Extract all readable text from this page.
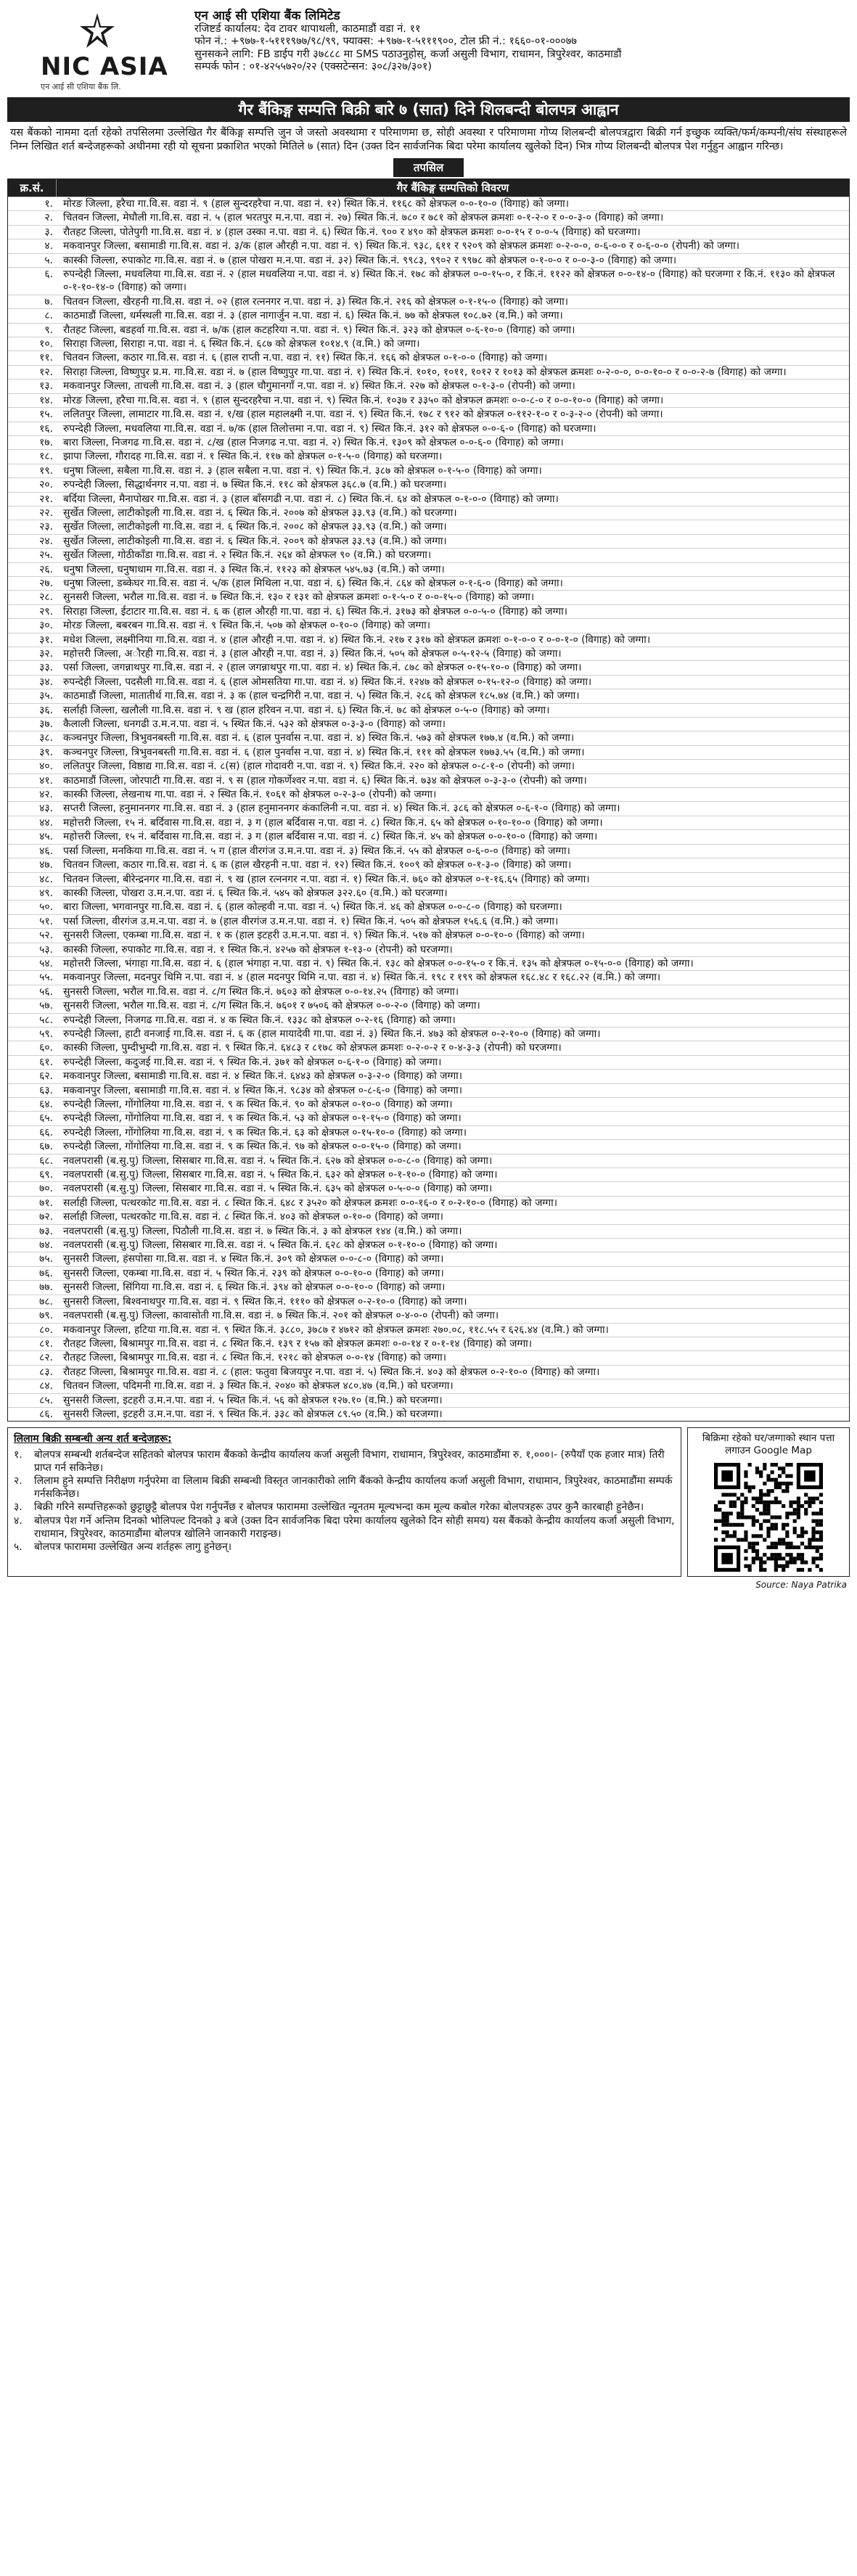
NIC ASIA
एन आई सी एशिया बैंक लि.
एन आई सी एशिया बैंक लिमिटेड
रजिष्टर्ड कार्यालय: देव टावर थापाथली, काठमाडौं वडा नं. ११
फोन नं.: +९७७-१-५१११९७७/९८/९९, फ्याक्स: +९७७-१-५१११९००, टोल फ्री नं.: १६६०-०१-०००७७
सुनसकने लागि: FB डाईप गरी ३७८८८ मा SMS पठाउनुहोस्, कर्जा असुली विभाग, राधामन, त्रिपुरेश्वर, काठमाडौं
सम्पर्क फोन : ०१-४२५५७२०/२२ (एक्सटेन्सन: ३०८/३२७/३०१)
गैर बैंकिङ्ग सम्पत्ति बिक्री बारे ७ (सात) दिने शिलबन्दी बोलपत्र आह्वान
यस बैंकको नाममा दर्ता रहेको तपसिलमा उल्लेखित गैर बैंकिङ्ग सम्पत्ति जुन जे जस्तो अवस्थामा र परिमाणमा छ, सोही अवस्था र परिमाणमा गोप्य शिलबन्दी बोलपत्रद्वारा बिक्री गर्न इच्छुक व्यक्ति/फर्म/कम्पनी/संघ संस्थाहरूले निम्न लिखित शर्त बन्देजहरूको अधीनमा रही यो सूचना प्रकाशित भएको मितिले ७ (सात) दिन (उक्त दिन सार्वजनिक बिदा परेमा कार्यालय खुलेको दिन) भित्र गोप्य शिलबन्दी बोलपत्र पेश गर्नुहुन आह्वान गरिन्छ।
तपसिल
क्र.सं.	गैर बैंकिङ्ग सम्पत्तिको विवरण
१.	मोरङ जिल्ला, हरैचा गा.वि.स. वडा नं. ९ (हाल सुन्दरहरैचा न.पा. वडा नं. १२) स्थित कि.नं. ११६८ को क्षेत्रफल ०-०-१०-० (विगाह) को जग्गा।
२.	चितवन जिल्ला, मेघौली गा.वि.स. वडा नं. ५ (हाल भरतपुर म.न.पा. वडा नं. २७) स्थित कि.नं. ७८० र ७८१ को क्षेत्रफल क्रमशः ०-१-२-० र ०-०-३-० (विगाह) को जग्गा।
३.	रौतहट जिल्ला, पोतेपुगी गा.वि.स. वडा नं. ४ (हाल उस्का न.पा. वडा नं. ६) स्थित कि.नं. ९०० र ४९० को क्षेत्रफल क्रमशः ०-०-१५ र ०-०-५ (विगाह) को घरजग्गा।
४.	मकवानपुर जिल्ला, बसामाडी गा.वि.स. वडा नं. ३/क (हाल औरही न.पा. वडा नं. ९) स्थित कि.नं. ९३८, ६११ र ९२०९ को क्षेत्रफल क्रमशः ०-२-०-०, ०-६-०-० र ०-६-०-० (रोपनी) को जग्गा।
५.	कास्की जिल्ला, रुपाकोट गा.वि.स. वडा नं. ७ (हाल पोखरा म.न.पा. वडा नं. ३२) स्थित कि.नं. ९९८३, ९९०२ र ९९७८ को क्षेत्रफल ०-१-०-० र ०-०-३-० (विगाह) को जग्गा।
६.	रुपन्देही जिल्ला, मधवलिया गा.वि.स. वडा नं. २ (हाल मधवलिया न.पा. वडा नं. ४) स्थित कि.नं. १७८ को क्षेत्रफल ०-०-१५-०, र कि.नं. ११२२ को क्षेत्रफल ०-०-१४-० (विगाह) को घरजग्गा र कि.नं. ११३० को क्षेत्रफल ०-१-१०-१४-० (विगाह) को जग्गा।
७.	चितवन जिल्ला, खैरहनी गा.वि.स. वडा नं. ०२ (हाल रत्ननगर न.पा. वडा नं. ३) स्थित कि.नं. २१६ को क्षेत्रफल ०-१-१५-० (विगाह) को जग्गा।
८.	काठमाडौं जिल्ला, धर्मस्थली गा.वि.स. वडा नं. ३ (हाल नागार्जुन न.पा. वडा नं. ६) स्थित कि.नं. ७७ को क्षेत्रफल १०८.७२ (व.मि.) को जग्गा।
९.	रौतहट जिल्ला, बडहर्वा गा.वि.स. वडा नं. ७/क (हाल कटहरिया न.पा. वडा नं. ९) स्थित कि.नं. ३२३ को क्षेत्रफल ०-६-१०-० (विगाह) को जग्गा।
१०.	सिराहा जिल्ला, सिराहा न.पा. वडा नं. ६ स्थित कि.नं. ६८७ को क्षेत्रफल १०१४.९ (व.मि.) को जग्गा।
११.	चितवन जिल्ला, कठार गा.वि.स. वडा नं. ६ (हाल राप्ती न.पा. वडा नं. ११) स्थित कि.नं. १६६ को क्षेत्रफल ०-१-०-० (विगाह) को जग्गा।
१२.	सिराहा जिल्ला, विष्णुपुर प्र.म. गा.वि.स. वडा नं. ७ (हाल विष्णुपुर गा.पा. वडा नं. १) स्थित कि.नं. १०१०, १०११, १०१२ र १०१३ को क्षेत्रफल क्रमशः ०-२-०-०, ०-०-१०-० र ०-०-२-७ (विगाह) को जग्गा।
१३.	मकवानपुर जिल्ला, ताचली गा.वि.स. वडा नं. ३ (हाल चौगुमानगाँ न.पा. वडा नं. ४) स्थित कि.नं. २२७ को क्षेत्रफल ०-१-३-० (रोपनी) को जग्गा।
१४.	मोरङ जिल्ला, हरैचा गा.वि.स. वडा नं. ९ (हाल सुन्दरहरैचा न.पा. वडा नं. ९) स्थित कि.नं. १०३७ र ३३५० को क्षेत्रफल क्रमशः ०-०-८-० र ०-०-१०-० (विगाह) को जग्गा।
१५.	ललितपुर जिल्ला, लामाटार गा.वि.स. वडा नं. १/ख (हाल महालक्ष्मी न.पा. वडा नं. ९) स्थित कि.नं. १७८ र ९१२ को क्षेत्रफल ०-११२-१-० र ०-३-२-० (रोपनी) को जग्गा।
१६.	रुपन्देही जिल्ला, मधवलिया गा.वि.स. वडा नं. ७/क (हाल तिलोत्तमा न.पा. वडा नं. ९) स्थित कि.नं. ३१२ को क्षेत्रफल ०-०-६-० (विगाह) को घरजग्गा।
१७.	बारा जिल्ला, निजगढ गा.वि.स. वडा नं. ८/ख (हाल निजगढ न.पा. वडा नं. २) स्थित कि.नं. १३०९ को क्षेत्रफल ०-०-६-० (विगाह) को जग्गा।
१८.	झापा जिल्ला, गौरादह गा.वि.स. वडा नं. १ स्थित कि.नं. ११७ को क्षेत्रफल ०-१-५-० (विगाह) को घरजग्गा।
१९.	धनुषा जिल्ला, सबैला गा.वि.स. वडा नं. ३ (हाल सबैला न.पा. वडा नं. ९) स्थित कि.नं. ३८७ को क्षेत्रफल ०-१-५-० (विगाह) को जग्गा।
२०.	रुपन्देही जिल्ला, सिद्धार्थनगर न.पा. वडा नं. ७ स्थित कि.नं. ११८ को क्षेत्रफल ३६८.७ (व.मि.) को घरजग्गा।
२१.	बर्दिया जिल्ला, मैनापोखर गा.वि.स. वडा नं. ३ (हाल बाँसगढी न.पा. वडा नं. ८) स्थित कि.नं. ६४ को क्षेत्रफल ०-१-०-० (विगाह) को जग्गा।
२२.	सुर्खेत जिल्ला, लाटीकोइली गा.वि.स. वडा नं. ६ स्थित कि.नं. २००७ को क्षेत्रफल ३३.९३ (व.मि.) को घरजग्गा।
२३.	सुर्खेत जिल्ला, लाटीकोइली गा.वि.स. वडा नं. ६ स्थित कि.नं. २००८ को क्षेत्रफल ३३.९३ (व.मि.) को जग्गा।
२४.	सुर्खेत जिल्ला, लाटीकोइली गा.वि.स. वडा नं. ६ स्थित कि.नं. २००९ को क्षेत्रफल ३३.९३ (व.मि.) को जग्गा।
२५.	सुर्खेत जिल्ला, गोठीकाँडा गा.वि.स. वडा नं. २ स्थित कि.नं. २६४ को क्षेत्रफल ९० (व.मि.) को घरजग्गा।
२६.	धनुषा जिल्ला, धनुषाधाम गा.वि.स. वडा नं. ३ स्थित कि.नं. ११२३ को क्षेत्रफल ५४५.७३ (व.मि.) को जग्गा।
२७.	धनुषा जिल्ला, डब्केघर गा.वि.स. वडा नं. ५/क (हाल मिथिला न.पा. वडा नं. ६) स्थित कि.नं. ८६४ को क्षेत्रफल ०-१-६-० (विगाह) को जग्गा।
२८.	सुनसरी जिल्ला, भरौल गा.वि.स. वडा नं. ७ स्थित कि.नं. १३० र १३१ को क्षेत्रफल क्रमशः ०-१-५-० र ०-०-१५-० (विगाह) को जग्गा।
२९.	सिराहा जिल्ला, ईटाटार गा.वि.स. वडा नं. ६ क (हाल औरही गा.पा. वडा नं. ६) स्थित कि.नं. ३१७३ को क्षेत्रफल ०-०-५-० (विगाह) को जग्गा।
३०.	मोरङ जिल्ला, बबरबन गा.वि.स. वडा नं. ९ स्थित कि.नं. ५०७ को क्षेत्रफल ०-१०-० (विगाह) को जग्गा।
३१.	मधेश जिल्ला, लक्ष्मीनिया गा.वि.स. वडा नं. ४ (हाल औरही न.पा. वडा नं. ४) स्थित कि.नं. २१७ र ३१७ को क्षेत्रफल क्रमशः ०-१-०-० र ०-०-१-० (विगाह) को जग्गा।
३२.	महोत्तरी जिल्ला, अाैरही गा.वि.स. वडा नं. ३ (हाल औरही न.पा. वडा नं. ३) स्थित कि.नं. ५०५ को क्षेत्रफल ०-५-१२-५ (विगाह) को जग्गा।
३३.	पर्सा जिल्ला, जगन्नाथपुर गा.वि.स. वडा नं. २ (हाल जगन्नाथपुर गा.पा. वडा नं. ४) स्थित कि.नं. ८७८ को क्षेत्रफल ०-१५-१०-० (विगाह) को जग्गा।
३४.	रुपन्देही जिल्ला, पदसैली गा.वि.स. वडा नं. ६ (हाल ओमसतिया गा.पा. वडा नं. ४) स्थित कि.नं. १२४७ को क्षेत्रफल ०-१५-१२-० (विगाह) को जग्गा।
३५.	काठमाडौं जिल्ला, मातातीर्थ गा.वि.स. वडा नं. ३ क (हाल चन्द्रगिरी न.पा. वडा नं. ५) स्थित कि.नं. २८६ को क्षेत्रफल १८५.७४ (व.मि.) को जग्गा।
३६.	सर्लाही जिल्ला, खलौली गा.वि.स. वडा नं. ९ ख (हाल हरिवन न.पा. वडा नं. ६) स्थित कि.नं. ७८ को क्षेत्रफल ०-५-० (विगाह) को जग्गा।
३७.	कैलाली जिल्ला, धनगढी उ.म.न.पा. वडा नं. ५ स्थित कि.नं. ५३२ को क्षेत्रफल ०-३-३-० (विगाह) को जग्गा।
३८.	कञ्चनपुर जिल्ला, त्रिभुवनबस्ती गा.वि.स. वडा नं. ६ (हाल पुनर्वास न.पा. वडा नं. ४) स्थित कि.नं. ५७३ को क्षेत्रफल १७७.४ (व.मि.) को जग्गा।
३९.	कञ्चनपुर जिल्ला, त्रिभुवनबस्ती गा.वि.स. वडा नं. ६ (हाल पुनर्वास न.पा. वडा नं. ४) स्थित कि.नं. १११ को क्षेत्रफल १७७३.५५ (व.मि.) को जग्गा।
४०.	ललितपुर जिल्ला, विष्ठाद्य गा.वि.स. वडा नं. ८(स) (हाल गोदावरी न.पा. वडा नं. ९) स्थित कि.नं. २२० को क्षेत्रफल ०-८-१-० (रोपनी) को जग्गा।
४१.	काठमाडौं जिल्ला, जोरपाटी गा.वि.स. वडा नं. ९ स (हाल गोकर्णेश्वर न.पा. वडा नं. ६) स्थित कि.नं. ७३४ को क्षेत्रफल ०-३-३-० (रोपनी) को जग्गा।
४२.	कास्की जिल्ला, लेखनाथ गा.पा. वडा नं. २ स्थित कि.नं. १०६१ को क्षेत्रफल ०-२-३-० (रोपनी) को जग्गा।
४३.	सप्तरी जिल्ला, हनुमाननगर गा.वि.स. वडा नं. ३ (हाल हनुमाननगर कंकालिनी न.पा. वडा नं. ४) स्थित कि.नं. ३८६ को क्षेत्रफल ०-६-१-० (विगाह) को जग्गा।
४४.	महोत्तरी जिल्ला, १५ नं. बर्दिवास गा.वि.स. वडा नं. ३ ग (हाल बर्दिवास न.पा. वडा नं. ८) स्थित कि.नं. ६५ को क्षेत्रफल ०-१०-१०-० (विगाह) को जग्गा।
४५.	महोत्तरी जिल्ला, १५ नं. बर्दिवास गा.वि.स. वडा नं. ३ ग (हाल बर्दिवास न.पा. वडा नं. ८) स्थित कि.नं. ४५ को क्षेत्रफल ०-०-१०-० (विगाह) को जग्गा।
४६.	पर्सा जिल्ला, मनकिया गा.वि.स. वडा नं. ५ ग (हाल वीरगंज उ.म.न.पा. वडा नं. ३) स्थित कि.नं. ५५ को क्षेत्रफल ०-६-०-० (विगाह) को जग्गा।
४७.	चितवन जिल्ला, कठार गा.वि.स. वडा नं. ६ क (हाल खैरहनी न.पा. वडा नं. १२) स्थित कि.नं. १००९ को क्षेत्रफल ०-१-३-० (विगाह) को जग्गा।
४८.	चितवन जिल्ला, बीरेन्द्रनगर गा.वि.स. वडा नं. ९ ख (हाल रत्ननगर न.पा. वडा नं. १) स्थित कि.नं. ७६० को क्षेत्रफल ०-१-१६.६५ (विगाह) को जग्गा।
४९.	कास्की जिल्ला, पोखरा उ.म.न.पा. वडा नं. ६ स्थित कि.नं. ५४५ को क्षेत्रफल ३२२.६० (व.मि.) को घरजग्गा।
५०.	बारा जिल्ला, भगवानपुर गा.वि.स. वडा नं. ६ (हाल कोल्हवी न.पा. वडा नं. ५) स्थित कि.नं. ४६ को क्षेत्रफल ०-०-८-० (विगाह) को घरजग्गा।
५१.	पर्सा जिल्ला, वीरगंज उ.म.न.पा. वडा नं. ७ (हाल वीरगंज उ.म.न.पा. वडा नं. १) स्थित कि.नं. ५०५ को क्षेत्रफल १५६.६ (व.मि.) को जग्गा।
५२.	सुनसरी जिल्ला, एकम्बा गा.वि.स. वडा नं. १ क (हाल इटहरी उ.म.न.पा. वडा नं. ९) स्थित कि.नं. ५१७ को क्षेत्रफल ०-०-१०-० (विगाह) को जग्गा।
५३.	कास्की जिल्ला, रुपाकोट गा.वि.स. वडा नं. १ स्थित कि.नं. ४२५७ को क्षेत्रफल १-१३-० (रोपनी) को घरजग्गा।
५४.	महोत्तरी जिल्ला, भंगाहा गा.वि.स. वडा नं. ६ (हाल भंगाहा न.पा. वडा नं. ९) स्थित कि.नं. १३८ को क्षेत्रफल ०-०-१५-० र कि.नं. १३५ को क्षेत्रफल ०-१५-०-० (विगाह) को जग्गा।
५५.	मकवानपुर जिल्ला, मदनपुर थिमि न.पा. वडा नं. ४ (हाल मदनपुर थिमि न.पा. वडा नं. ४) स्थित कि.नं. १९८ र १९९ को क्षेत्रफल १६८.४८ र १६८.२२ (व.मि.) को जग्गा।
५६.	सुनसरी जिल्ला, भरौल गा.वि.स. वडा नं. ८/ग स्थित कि.नं. ७६०३ को क्षेत्रफल ०-०-१४.२५ (विगाह) को जग्गा।
५७.	सुनसरी जिल्ला, भरौल गा.वि.स. वडा नं. ८/ग स्थित कि.नं. ७६०१ र ७५०६ को क्षेत्रफल ०-०-२-० (विगाह) को जग्गा।
५८.	रुपन्देही जिल्ला, निजगढ गा.वि.स. वडा नं. ४ क स्थित कि.नं. १३३८ को क्षेत्रफल ०-२-१६ (विगाह) को जग्गा।
५९.	रुपन्देही जिल्ला, हाटी वनजाई गा.वि.स. वडा नं. ६ क (हाल मायादेवी गा.पा. वडा नं. ३) स्थित कि.नं. ४७३ को क्षेत्रफल ०-२-१०-० (विगाह) को जग्गा।
६०.	कास्की जिल्ला, पुम्दीभुम्दी गा.वि.स. वडा नं. ९ स्थित कि.नं. ६४८३ र ८१७८ को क्षेत्रफल क्रमशः ०-२-०-२ र ०-४-३-३ (रोपनी) को घरजग्गा।
६१.	रुपन्देही जिल्ला, कदुजई गा.वि.स. वडा नं. ९ स्थित कि.नं. ३७१ को क्षेत्रफल ०-६-१-० (विगाह) को जग्गा।
६२.	मकवानपुर जिल्ला, बसामाडी गा.वि.स. वडा नं. ४ स्थित कि.नं. ६४४३ को क्षेत्रफल ०-३-२-० (विगाह) को जग्गा।
६३.	मकवानपुर जिल्ला, बसामाडी गा.वि.स. वडा नं. ४ स्थित कि.नं. ९८३४ को क्षेत्रफल ०-८-६-० (विगाह) को जग्गा।
६४.	रुपन्देही जिल्ला, गोंगोलिया गा.वि.स. वडा नं. ९ क स्थित कि.नं. ९० को क्षेत्रफल ०-१०-० (विगाह) को जग्गा।
६५.	रुपन्देही जिल्ला, गोंगोलिया गा.वि.स. वडा नं. ९ क स्थित कि.नं. ५३ को क्षेत्रफल ०-१-१५-० (विगाह) को जग्गा।
६६.	रुपन्देही जिल्ला, गोंगोलिया गा.वि.स. वडा नं. ९ क स्थित कि.नं. ६३ को क्षेत्रफल ०-१५-१०-० (विगाह) को जग्गा।
६७.	रुपन्देही जिल्ला, गोंगोलिया गा.वि.स. वडा नं. ९ क स्थित कि.नं. ९७ को क्षेत्रफल ०-०-१५-० (विगाह) को जग्गा।
६८.	नवलपरासी (ब.सु.पु) जिल्ला, सिसबार गा.वि.स. वडा नं. ५ स्थित कि.नं. ६२७ को क्षेत्रफल ०-०-८-० (विगाह) को जग्गा।
६९.	नवलपरासी (ब.सु.पु) जिल्ला, सिसबार गा.वि.स. वडा नं. ५ स्थित कि.नं. ६३२ को क्षेत्रफल ०-१-१०-० (विगाह) को जग्गा।
७०.	नवलपरासी (ब.सु.पु) जिल्ला, सिसबार गा.वि.स. वडा नं. ५ स्थित कि.नं. ६३५ को क्षेत्रफल ०-५-०-० (विगाह) को जग्गा।
७१.	सर्लाही जिल्ला, पत्थरकोट गा.वि.स. वडा नं. ८ स्थित कि.नं. ६४८ र ३५२० को क्षेत्रफल क्रमशः ०-०-१६-० र ०-२-१०-० (विगाह) को जग्गा।
७२.	सर्लाही जिल्ला, पत्थरकोट गा.वि.स. वडा नं. ८ स्थित कि.नं. ४०३ को क्षेत्रफल ०-१०-० (विगाह) को जग्गा।
७३.	नवलपरासी (ब.सु.पु) जिल्ला, पिठौली गा.वि.स. वडा नं. ७ स्थित कि.नं. ३ को क्षेत्रफल १४४ (व.मि.) को जग्गा।
७४.	नवलपरासी (ब.सु.पु) जिल्ला, सिसबार गा.वि.स. वडा नं. ५ स्थित कि.नं. ६२८ को क्षेत्रफल ०-१-१०-० (विगाह) को जग्गा।
७५.	सुनसरी जिल्ला, हंसपोसा गा.वि.स. वडा नं. ४ स्थित कि.नं. ३०९ को क्षेत्रफल ०-०-८-० (विगाह) को जग्गा।
७६.	सुनसरी जिल्ला, एकम्बा गा.वि.स. वडा नं. ५ स्थित कि.नं. २३९ को क्षेत्रफल ०-०-१०-० (विगाह) को जग्गा।
७७.	सुनसरी जिल्ला, सिंगिया गा.वि.स. वडा नं. ६ स्थित कि.नं. ३९४ को क्षेत्रफल ०-०-१०-० (विगाह) को जग्गा।
७८.	सुनसरी जिल्ला, बिश्वनाथपुर गा.वि.स. वडा नं. ९ स्थित कि.नं. १११० को क्षेत्रफल ०-२-१०-० (विगाह) को जग्गा।
७९.	नवलपरासी (ब.सु.पु) जिल्ला, कावासोती गा.वि.स. वडा नं. ७ स्थित कि.नं. २०१ को क्षेत्रफल ०-४-०-० (रोपनी) को जग्गा।
८०.	मकवानपुर जिल्ला, हटिया गा.वि.स. वडा नं. ९ स्थित कि.नं. ३८८०, ३७८७ र ४७१२ को क्षेत्रफल क्रमशः २७०.०८, ११८.५५ र ६२६.४४ (व.मि.) को जग्गा।
८१.	रौतहट जिल्ला, बिश्रामपुर गा.वि.स. वडा नं. ८ स्थित कि.नं. १३९ र १५७ को क्षेत्रफल क्रमशः ०-०-१४ र ०-१-१४ (विगाह) को जग्गा।
८२.	रौतहट जिल्ला, बिश्रामपुर गा.वि.स. वडा नं. ८ स्थित कि.नं. १२१८ को क्षेत्रफल ०-०-१४ (विगाह) को जग्गा।
८३.	रौतहट जिल्ला, बिश्रामपुर गा.वि.स. वडा नं. ८ (हाल: फतुवा बिजयपुर न.पा. वडा नं. ५) स्थित कि.नं. ४०३ को क्षेत्रफल ०-२-१०-० (विगाह) को जग्गा।
८४.	चितवन जिल्ला, पदिमनी गा.वि.स. वडा नं. ३ स्थित कि.नं. २०४० को क्षेत्रफल ४८०.४७ (व.मि.) को घरजग्गा।
८५.	सुनसरी जिल्ला, इटहरी उ.म.न.पा. वडा नं. ५ स्थित कि.नं. ५६ को क्षेत्रफल १२७.१० (व.मि.) को घरजग्गा।
८६.	सुनसरी जिल्ला, इटहरी उ.म.न.पा. वडा नं. ९ स्थित कि.नं. ३३८ को क्षेत्रफल ८९.५० (व.मि.) को घरजग्गा।
लिलाम बिक्री सम्बन्धी अन्य शर्त बन्देजहरू:
१.	बोलपत्र सम्बन्धी शर्तबन्देज सहितको बोलपत्र फाराम बैंकको केन्द्रीय कार्यालय कर्जा असुली विभाग, राधामान, त्रिपुरेश्वर, काठमाडौंमा रु. १,०००।- (रुपैयाँ एक हजार मात्र) तिरी प्राप्त गर्न सकिनेछ।
२.	लिलाम हुने सम्पत्ति निरीक्षण गर्नुपरेमा वा लिलाम बिक्री सम्बन्धी विस्तृत जानकारीको लागि बैंकको केन्द्रीय कार्यालय कर्जा असुली विभाग, राधामान, त्रिपुरेश्वर, काठमाडौंमा सम्पर्क गर्नसकिनेछ।
३.	बिक्री गरिने सम्पत्तिहरूको छुट्टाछुट्टै बोलपत्र पेश गर्नुपर्नेछ र बोलपत्र फाराममा उल्लेखित न्यूनतम मूल्यभन्दा कम मूल्य कबोल गरेका बोलपत्रहरू उपर कुनै कारबाही हुनेछैन।
४.	बोलपत्र पेश गर्ने अन्तिम दिनको भोलिपल्ट दिनको ३ बजे (उक्त दिन सार्वजनिक बिदा परेमा कार्यालय खुलेको दिन सोही समय) यस बैंकको केन्द्रीय कार्यालय कर्जा असुली विभाग, राधामान, त्रिपुरेश्वर, काठमाडौंमा बोलपत्र खोलिने जानकारी गराइन्छ।
५.	बोलपत्र फाराममा उल्लेखित अन्य शर्तहरू लागु हुनेछन्।
बिक्रिमा रहेको घर/जग्गाको स्थान पत्ता लगाउन Google Map
Source: Naya Patrika
